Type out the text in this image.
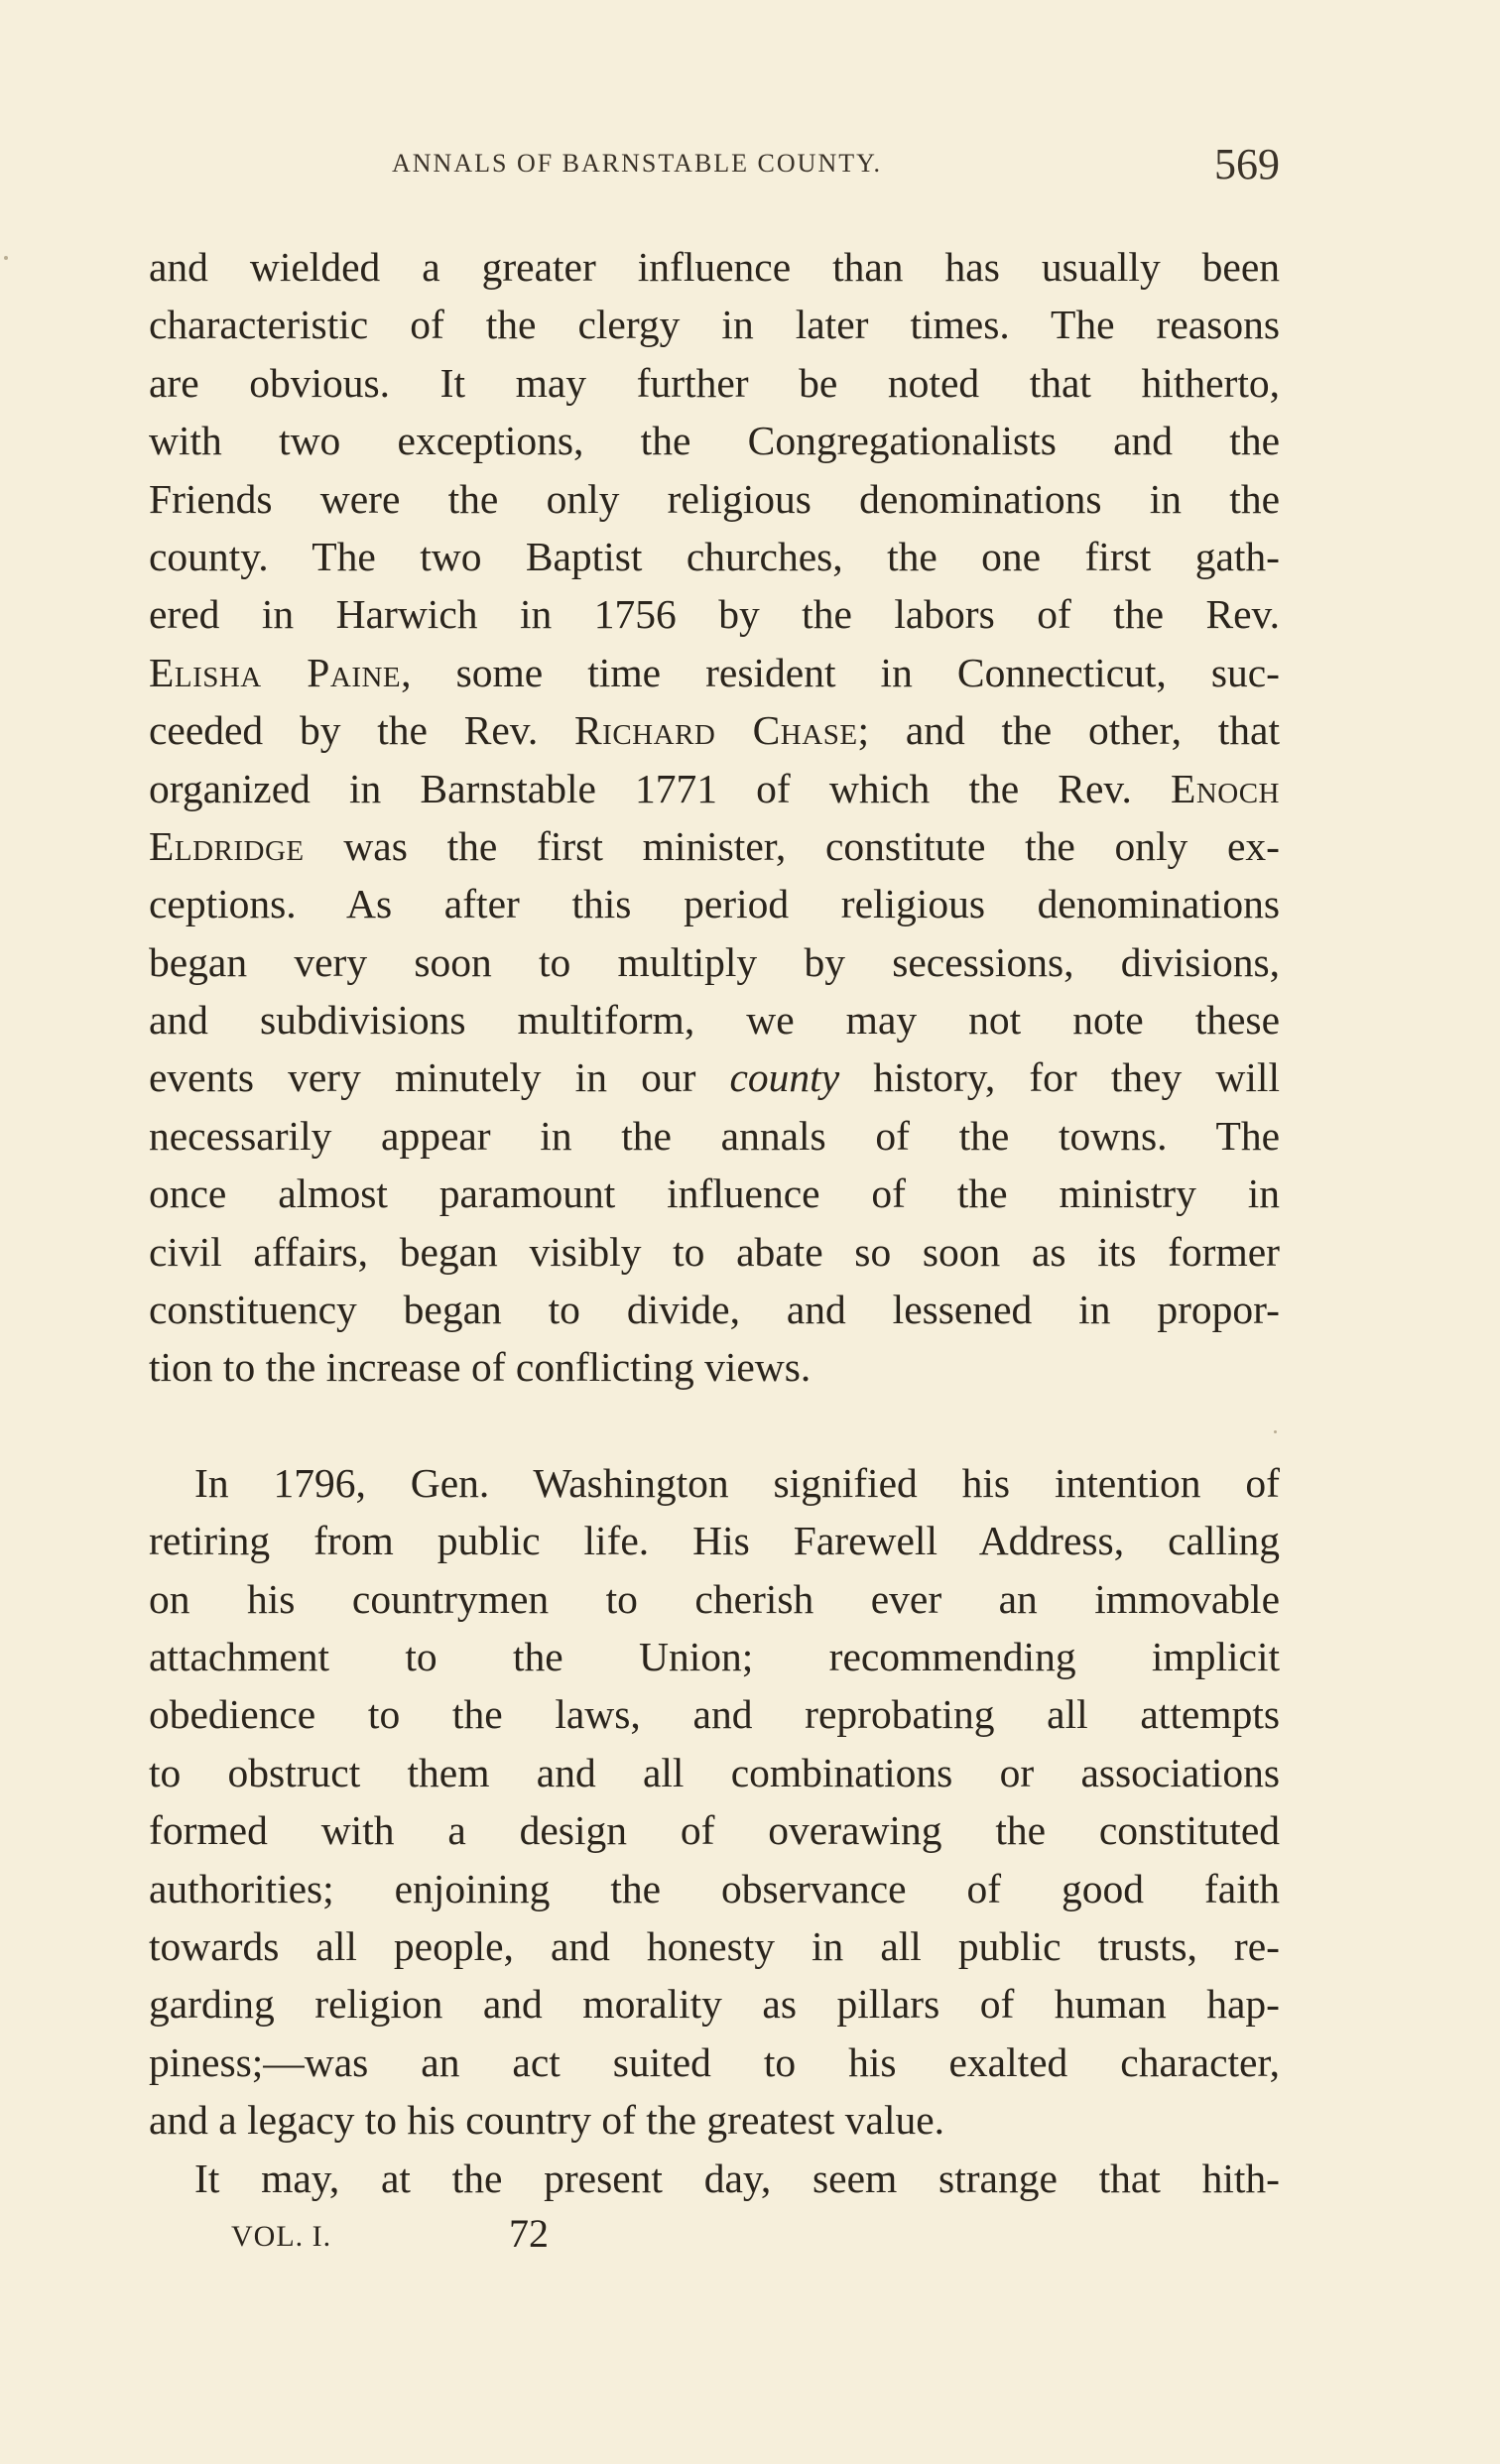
ANNALS OF BARNSTABLE COUNTY.	569
and wielded a greater influence than has usually been
characteristic of the clergy in later times. The reasons
are obvious. It may further be noted that hitherto,
with two exceptions, the Congregationalists and the
Friends were the only religious denominations in the
county. The two Baptist churches, the one first gath-
ered in Harwich in 1756 by the labors of the Rev.
Elisha Paine, some time resident in Connecticut, suc-
ceeded by the Rev. Richard Chase; and the other, that
organized in Barnstable 1771 of which the Rev. Enoch
Eldridge was the first minister, constitute the only ex-
ceptions. As after this period religious denominations
began very soon to multiply by secessions, divisions,
and subdivisions multiform, we may not note these
events very minutely in our county history, for they will
necessarily appear in the annals of the towns. The
once almost paramount influence of the ministry in
civil affairs, began visibly to abate so soon as its former
constituency began to divide, and lessened in propor-
tion to the increase of conflicting views.
In 1796, Gen. Washington signified his intention of
retiring from public life. His Farewell Address, calling
on his countrymen to cherish ever an immovable
attachment to the Union; recommending implicit
obedience to the laws, and reprobating all attempts
to obstruct them and all combinations or associations
formed with a design of overawing the constituted
authorities; enjoining the observance of good faith
towards all people, and honesty in all public trusts, re-
garding religion and morality as pillars of human hap-
piness;—was an act suited to his exalted character,
and a legacy to his country of the greatest value.
It may, at the present day, seem strange that hith-
VOL. I.	72
